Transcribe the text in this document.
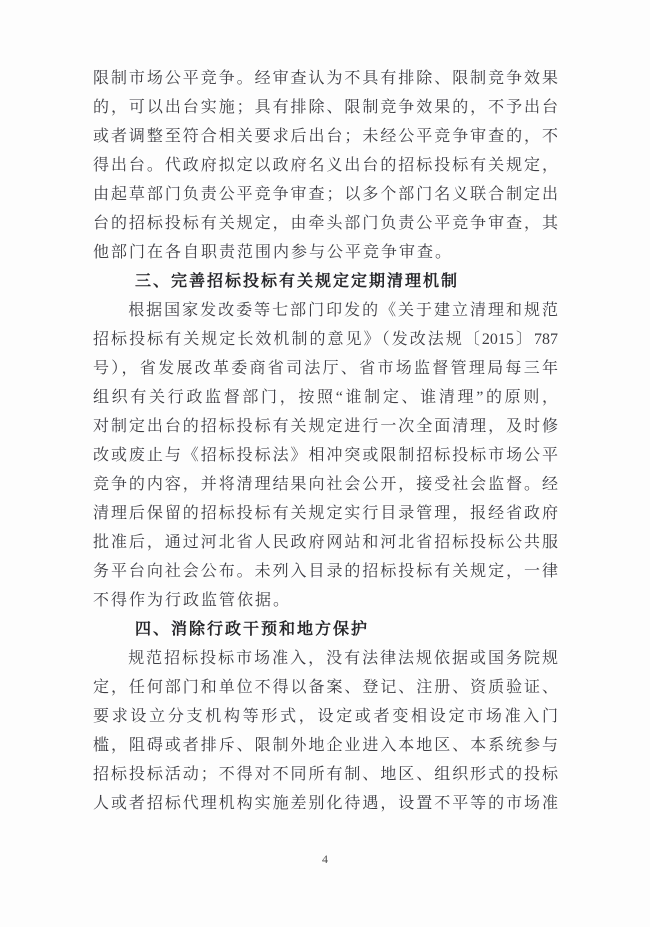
限制市场公平竞争。经审查认为不具有排除、限制竞争效果
的，可以出台实施；具有排除、限制竞争效果的，不予出台
或者调整至符合相关要求后出台；未经公平竞争审查的，不
得出台。代政府拟定以政府名义出台的招标投标有关规定，
由起草部门负责公平竞争审查；以多个部门名义联合制定出
台的招标投标有关规定，由牵头部门负责公平竞争审查，其
他部门在各自职责范围内参与公平竞争审查。
三、完善招标投标有关规定定期清理机制
根据国家发改委等七部门印发的《关于建立清理和规范
招标投标有关规定长效机制的意见》（发改法规〔2015〕787
号），省发展改革委商省司法厅、省市场监督管理局每三年
组织有关行政监督部门，按照“谁制定、谁清理”的原则，
对制定出台的招标投标有关规定进行一次全面清理，及时修
改或废止与《招标投标法》相冲突或限制招标投标市场公平
竞争的内容，并将清理结果向社会公开，接受社会监督。经
清理后保留的招标投标有关规定实行目录管理，报经省政府
批准后，通过河北省人民政府网站和河北省招标投标公共服
务平台向社会公布。未列入目录的招标投标有关规定，一律
不得作为行政监管依据。
四、消除行政干预和地方保护
规范招标投标市场准入，没有法律法规依据或国务院规
定，任何部门和单位不得以备案、登记、注册、资质验证、
要求设立分支机构等形式，设定或者变相设定市场准入门
槛，阻碍或者排斥、限制外地企业进入本地区、本系统参与
招标投标活动；不得对不同所有制、地区、组织形式的投标
人或者招标代理机构实施差别化待遇，设置不平等的市场准
4
